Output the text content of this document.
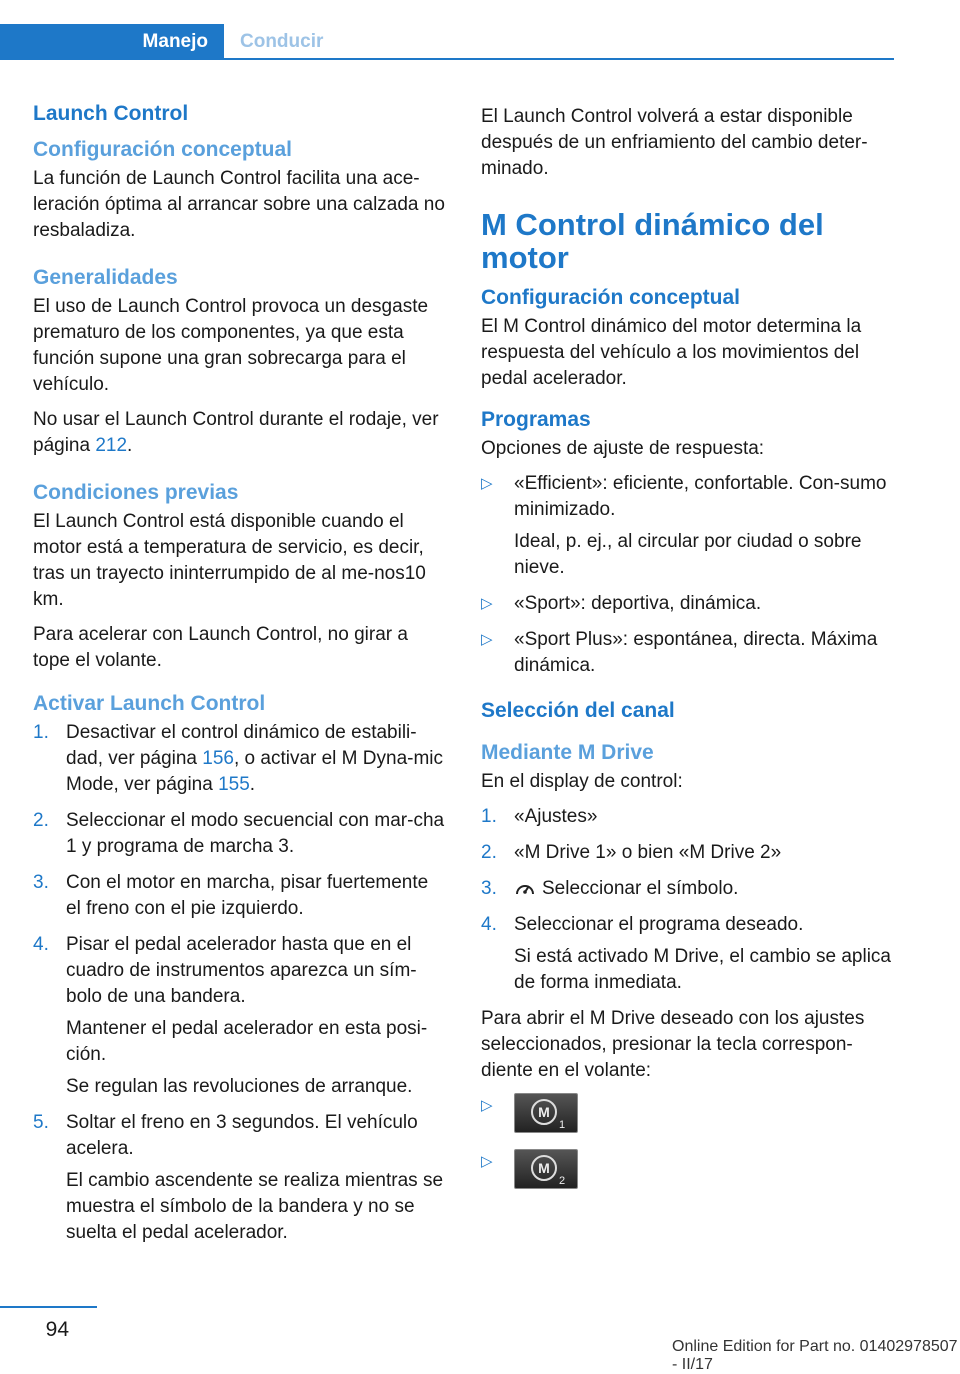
Manejo	Conducir
Launch Control
Configuración conceptual

La función de Launch Control facilita una ace-leración óptima al arrancar sobre una calzada no resbaladiza.

Generalidades

El uso de Launch Control provoca un desgaste prematuro de los componentes, ya que esta función supone una gran sobrecarga para el vehículo.

No usar el Launch Control durante el rodaje, ver página 212.

Condiciones previas

El Launch Control está disponible cuando el motor está a temperatura de servicio, es decir, tras un trayecto ininterrumpido de al me-nos10 km.

Para acelerar con Launch Control, no girar a tope el volante.

Activar Launch Control
1. Desactivar el control dinámico de estabili-dad, ver página 156, o activar el M Dyna-mic Mode, ver página 155.
2. Seleccionar el modo secuencial con mar-cha 1 y programa de marcha 3.
3. Con el motor en marcha, pisar fuertemente el freno con el pie izquierdo.
4. Pisar el pedal acelerador hasta que en el cuadro de instrumentos aparezca un sím-bolo de una bandera.
Mantener el pedal acelerador en esta posi-ción.
Se regulan las revoluciones de arranque.
5. Soltar el freno en 3 segundos. El vehículo acelera.
El cambio ascendente se realiza mientras se muestra el símbolo de la bandera y no se suelta el pedal acelerador.

El Launch Control volverá a estar disponible después de un enfriamiento del cambio deter-minado.

M Control dinámico del motor
Configuración conceptual

El M Control dinámico del motor determina la respuesta del vehículo a los movimientos del pedal acelerador.

Programas

Opciones de ajuste de respuesta:

▷ «Efficient»: eficiente, confortable. Con-sumo minimizado.
Ideal, p. ej., al circular por ciudad o sobre nieve.
▷ «Sport»: deportiva, dinámica.
▷ «Sport Plus»: espontánea, directa. Máxima dinámica.
Selección del canal
Mediante M Drive

En el display de control:

1. «Ajustes»
2. «M Drive 1» o bien «M Drive 2»
3. Seleccionar el símbolo.
4. Seleccionar el programa deseado.
Si está activado M Drive, el cambio se aplica de forma inmediata.

Para abrir el M Drive deseado con los ajustes seleccionados, presionar la tecla correspon-diente en el volante:

▷	M
1
▷	M
2
94
Online Edition for Part no. 01402978507 - II/17
